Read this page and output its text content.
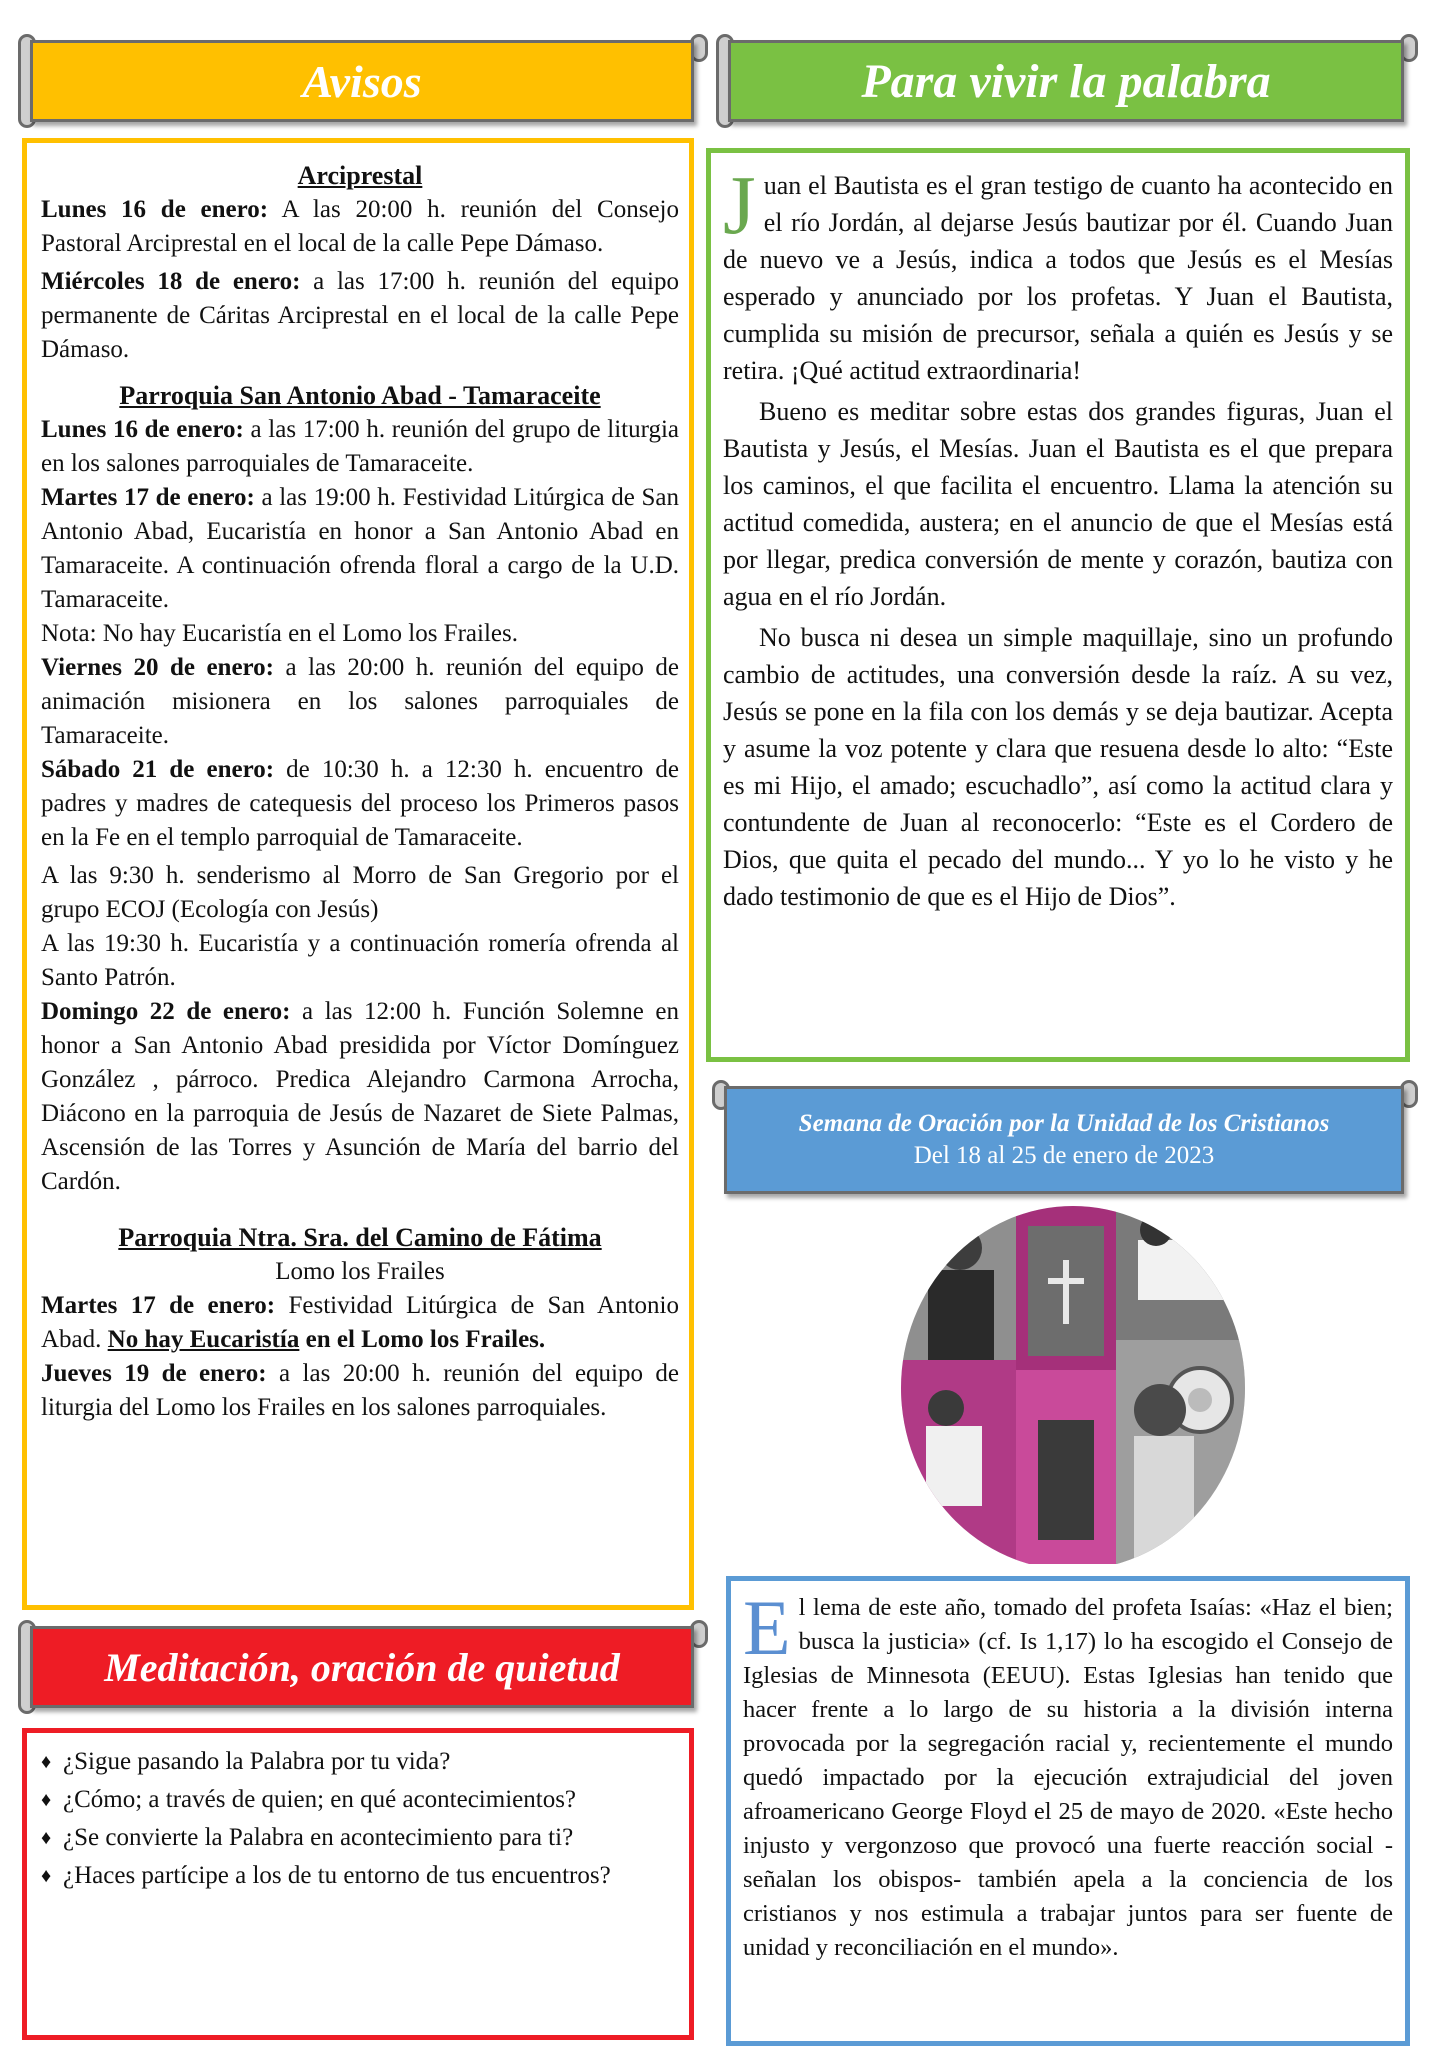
Avisos

Arciprestal

Lunes 16 de enero: A las 20:00 h. reunión del Consejo Pastoral Arciprestal en el local de la calle Pepe Dámaso.

Miércoles 18 de enero: a las 17:00 h. reunión del equipo permanente de Cáritas Arciprestal en el local de la calle Pepe Dámaso.

Parroquia San Antonio Abad - Tamaraceite

Lunes 16 de enero: a las 17:00 h. reunión del grupo de liturgia en los salones parroquiales de Tamaraceite.

Martes 17 de enero: a las 19:00 h. Festividad Litúrgica de San Antonio Abad, Eucaristía en honor a San Antonio Abad en Tamaraceite. A continuación ofrenda floral a cargo de la U.D. Tamaraceite.

Nota: No hay Eucaristía en el Lomo los Frailes.

Viernes 20 de enero: a las 20:00 h. reunión del equipo de animación misionera en los salones parroquiales de Tamaraceite.

Sábado 21 de enero: de 10:30 h. a 12:30 h. encuentro de padres y madres de catequesis del proceso los Primeros pasos en la Fe en el templo parroquial de Tamaraceite.

A las 9:30 h. senderismo al Morro de San Gregorio por el grupo ECOJ (Ecología con Jesús)

A las 19:30 h. Eucaristía y a continuación romería ofrenda al Santo Patrón.

Domingo 22 de enero: a las 12:00 h. Función Solemne en honor a San Antonio Abad presidida por Víctor Domínguez González , párroco. Predica Alejandro Carmona Arrocha, Diácono en la parroquia de Jesús de Nazaret de Siete Palmas, Ascensión de las Torres y Asunción de María del barrio del Cardón.

Parroquia Ntra. Sra. del Camino de Fátima

Lomo los Frailes

Martes 17 de enero: Festividad Litúrgica de San Antonio Abad. No hay Eucaristía en el Lomo los Frailes.

Jueves 19 de enero: a las 20:00 h. reunión del equipo de liturgia del Lomo los Frailes en los salones parroquiales.

Meditación, oración de quietud
♦ ¿Sigue pasando la Palabra por tu vida?
♦ ¿Cómo; a través de quien; en qué acontecimientos?
♦ ¿Se convierte la Palabra en acontecimiento para ti?
♦ ¿Haces partícipe a los de tu entorno de tus encuentros?
Para vivir la palabra

Juan el Bautista es el gran testigo de cuanto ha acontecido en el río Jordán, al dejarse Jesús bautizar por él. Cuando Juan de nuevo ve a Jesús, indica a todos que Jesús es el Mesías esperado y anunciado por los profetas. Y Juan el Bautista, cumplida su misión de precursor, señala a quién es Jesús y se retira. ¡Qué actitud extraordinaria!

Bueno es meditar sobre estas dos grandes figuras, Juan el Bautista y Jesús, el Mesías. Juan el Bautista es el que prepara los caminos, el que facilita el encuentro. Llama la atención su actitud comedida, austera; en el anuncio de que el Mesías está por llegar, predica conversión de mente y corazón, bautiza con agua en el río Jordán.

No busca ni desea un simple maquillaje, sino un profundo cambio de actitudes, una conversión desde la raíz. A su vez, Jesús se pone en la fila con los demás y se deja bautizar. Acepta y asume la voz potente y clara que resuena desde lo alto: “Este es mi Hijo, el amado; escuchadlo”, así como la actitud clara y contundente de Juan al reconocerlo: “Este es el Cordero de Dios, que quita el pecado del mundo... Y yo lo he visto y he dado testimonio de que es el Hijo de Dios”.

Semana de Oración por la Unidad de los Cristianos
Del 18 al 25 de enero de 2023

El lema de este año, tomado del profeta Isaías: «Haz el bien; busca la justicia» (cf. Is 1,17) lo ha escogido el Consejo de Iglesias de Minnesota (EEUU). Estas Iglesias han tenido que hacer frente a lo largo de su historia a la división interna provocada por la segregación racial y, recientemente el mundo quedó impactado por la ejecución extrajudicial del joven afroamericano George Floyd el 25 de mayo de 2020. «Este hecho injusto y vergonzoso que provocó una fuerte reacción social -señalan los obispos- también apela a la conciencia de los cristianos y nos estimula a trabajar juntos para ser fuente de unidad y reconciliación en el mundo».
